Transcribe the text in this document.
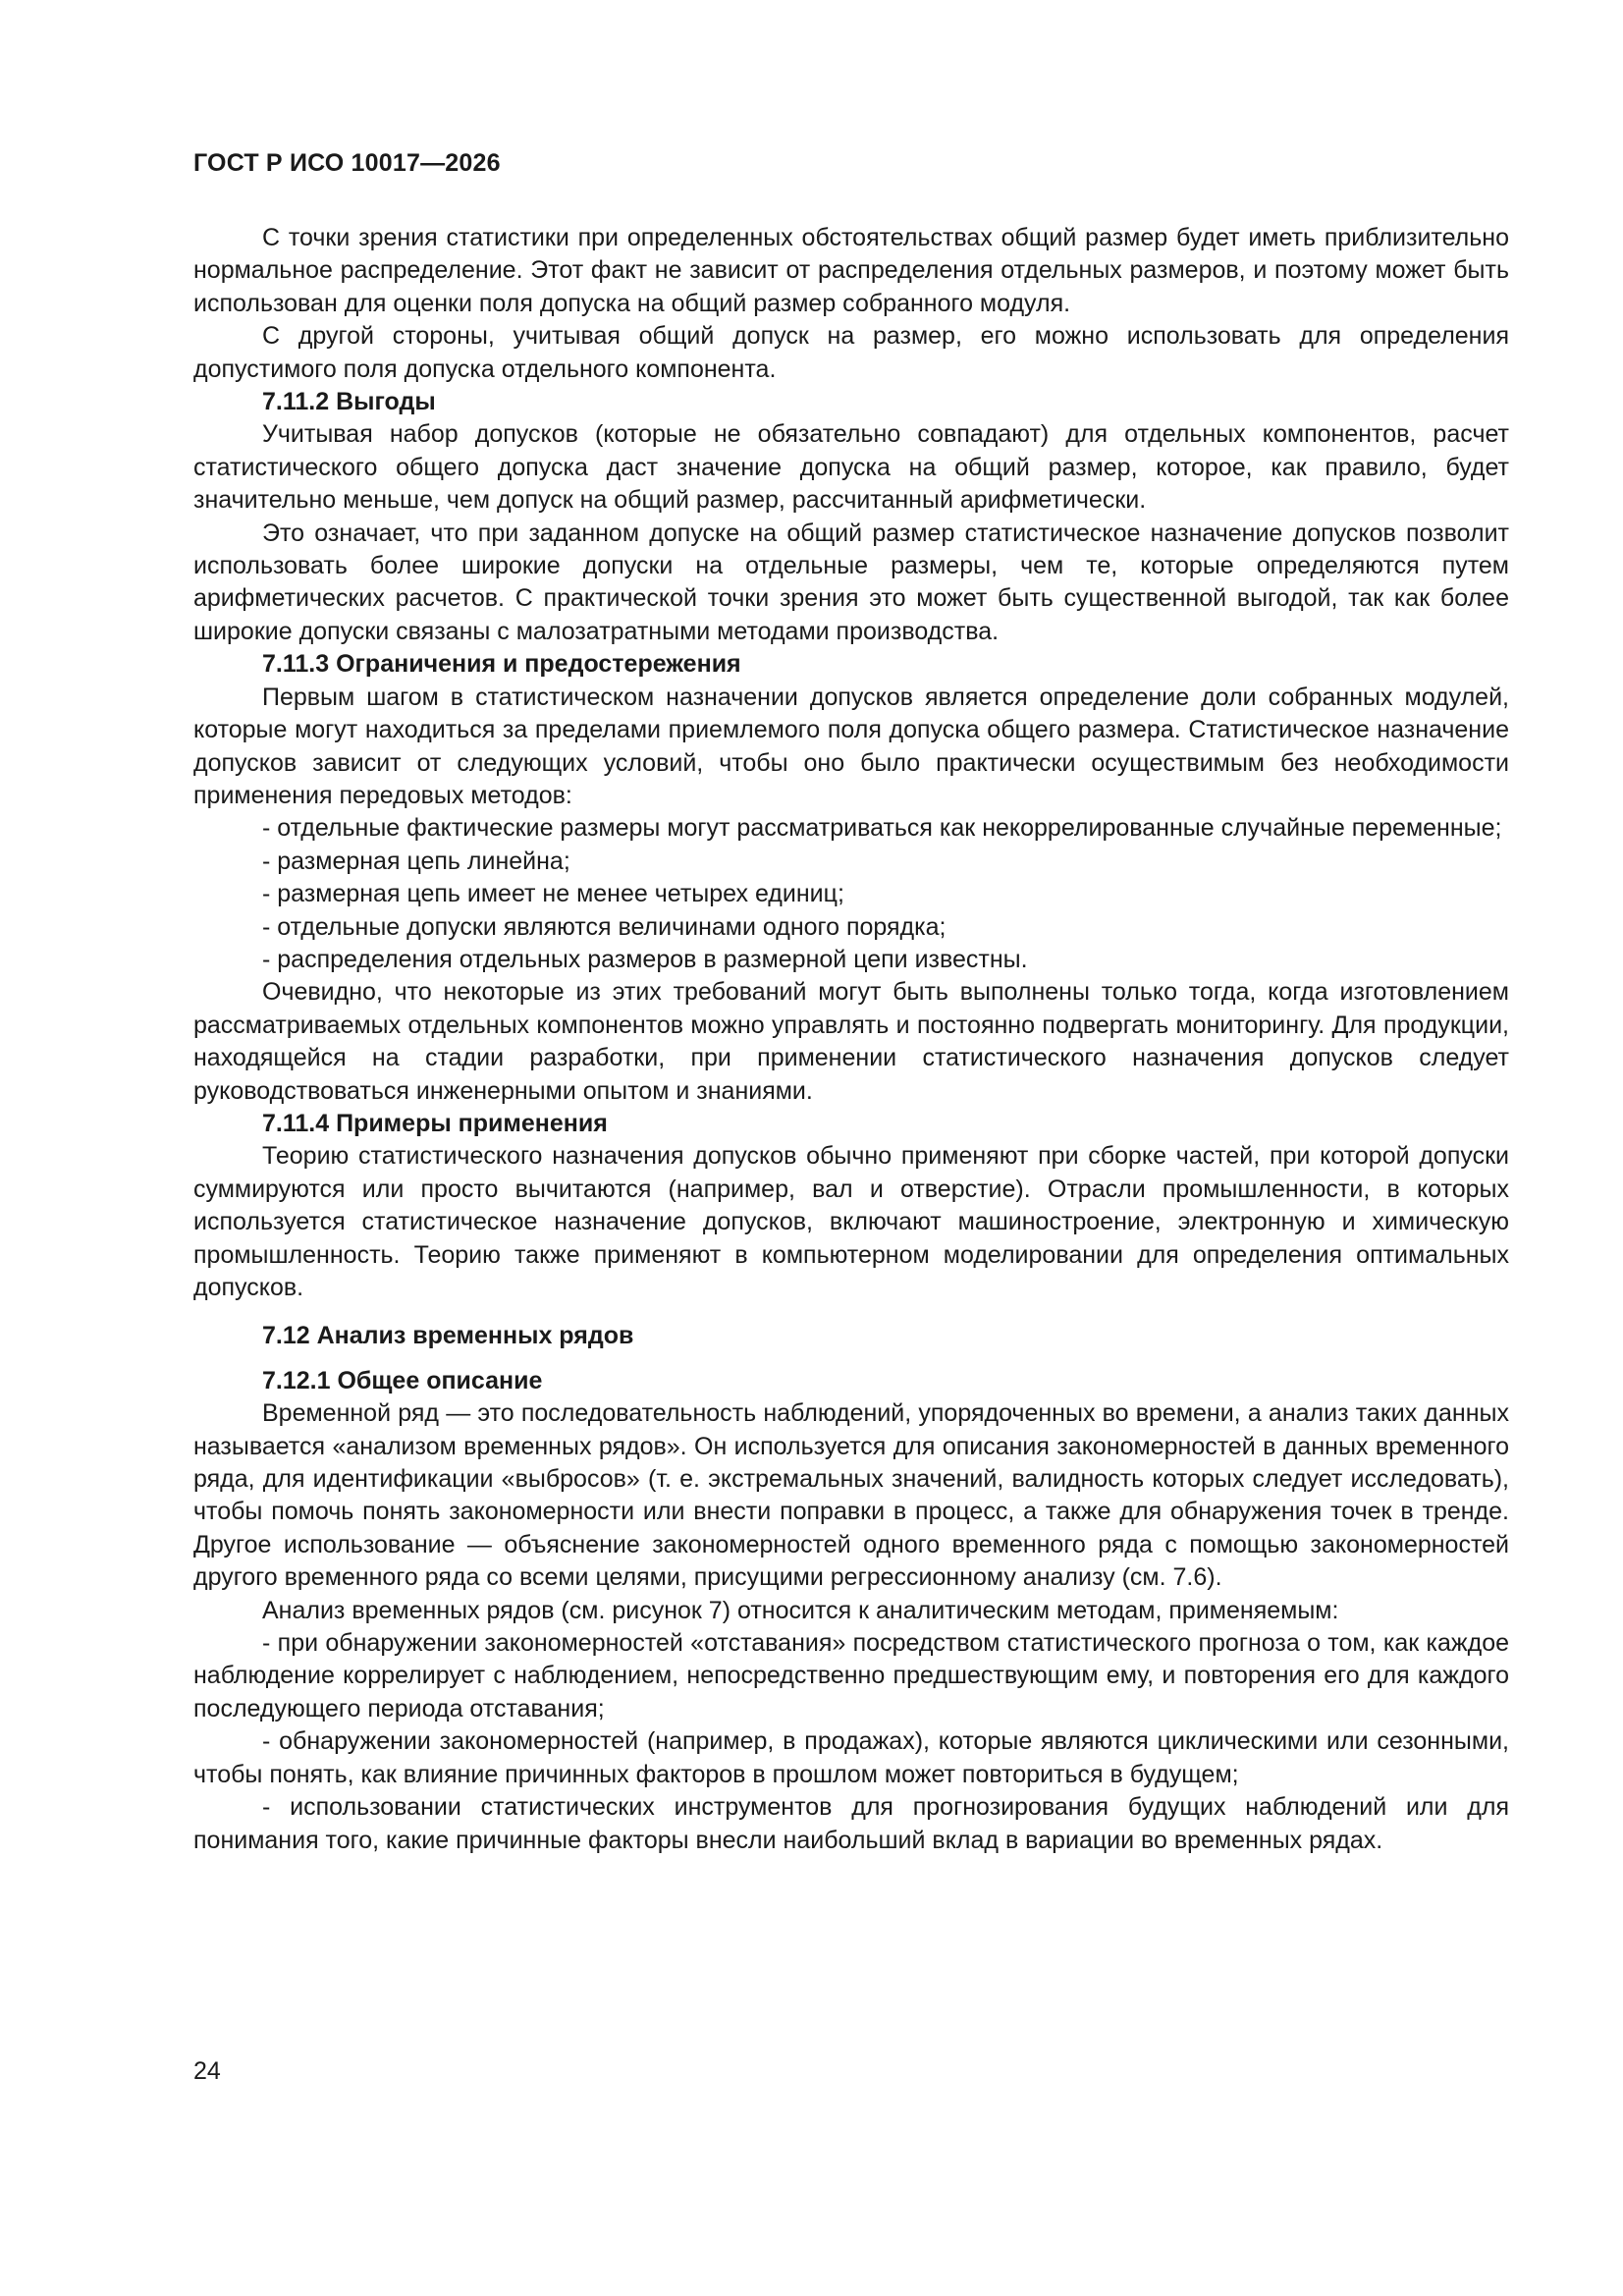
ГОСТ Р ИСО 10017—2026

С точки зрения статистики при определенных обстоятельствах общий размер будет иметь приблизительно нормальное распределение. Этот факт не зависит от распределения отдельных размеров, и поэтому может быть использован для оценки поля допуска на общий размер собранного модуля.

С другой стороны, учитывая общий допуск на размер, его можно использовать для определения допустимого поля допуска отдельного компонента.

7.11.2 Выгоды

Учитывая набор допусков (которые не обязательно совпадают) для отдельных компонентов, расчет статистического общего допуска даст значение допуска на общий размер, которое, как правило, будет значительно меньше, чем допуск на общий размер, рассчитанный арифметически.

Это означает, что при заданном допуске на общий размер статистическое назначение допусков позволит использовать более широкие допуски на отдельные размеры, чем те, которые определяются путем арифметических расчетов. С практической точки зрения это может быть существенной выгодой, так как более широкие допуски связаны с малозатратными методами производства.

7.11.3 Ограничения и предостережения

Первым шагом в статистическом назначении допусков является определение доли собранных модулей, которые могут находиться за пределами приемлемого поля допуска общего размера. Статистическое назначение допусков зависит от следующих условий, чтобы оно было практически осуществимым без необходимости применения передовых методов:

- отдельные фактические размеры могут рассматриваться как некоррелированные случайные переменные;

- размерная цепь линейна;

- размерная цепь имеет не менее четырех единиц;

- отдельные допуски являются величинами одного порядка;

- распределения отдельных размеров в размерной цепи известны.

Очевидно, что некоторые из этих требований могут быть выполнены только тогда, когда изготовлением рассматриваемых отдельных компонентов можно управлять и постоянно подвергать мониторингу. Для продукции, находящейся на стадии разработки, при применении статистического назначения допусков следует руководствоваться инженерными опытом и знаниями.

7.11.4 Примеры применения

Теорию статистического назначения допусков обычно применяют при сборке частей, при которой допуски суммируются или просто вычитаются (например, вал и отверстие). Отрасли промышленности, в которых используется статистическое назначение допусков, включают машиностроение, электронную и химическую промышленность. Теорию также применяют в компьютерном моделировании для определения оптимальных допусков.

7.12 Анализ временных рядов

7.12.1 Общее описание

Временной ряд — это последовательность наблюдений, упорядоченных во времени, а анализ таких данных называется «анализом временных рядов». Он используется для описания закономерностей в данных временного ряда, для идентификации «выбросов» (т. е. экстремальных значений, валидность которых следует исследовать), чтобы помочь понять закономерности или внести поправки в процесс, а также для обнаружения точек в тренде. Другое использование — объяснение закономерностей одного временного ряда с помощью закономерностей другого временного ряда со всеми целями, присущими регрессионному анализу (см. 7.6).

Анализ временных рядов (см. рисунок 7) относится к аналитическим методам, применяемым:

- при обнаружении закономерностей «отставания» посредством статистического прогноза о том, как каждое наблюдение коррелирует с наблюдением, непосредственно предшествующим ему, и повторения его для каждого последующего периода отставания;

- обнаружении закономерностей (например, в продажах), которые являются циклическими или сезонными, чтобы понять, как влияние причинных факторов в прошлом может повториться в будущем;

- использовании статистических инструментов для прогнозирования будущих наблюдений или для понимания того, какие причинные факторы внесли наибольший вклад в вариации во временных рядах.

24
